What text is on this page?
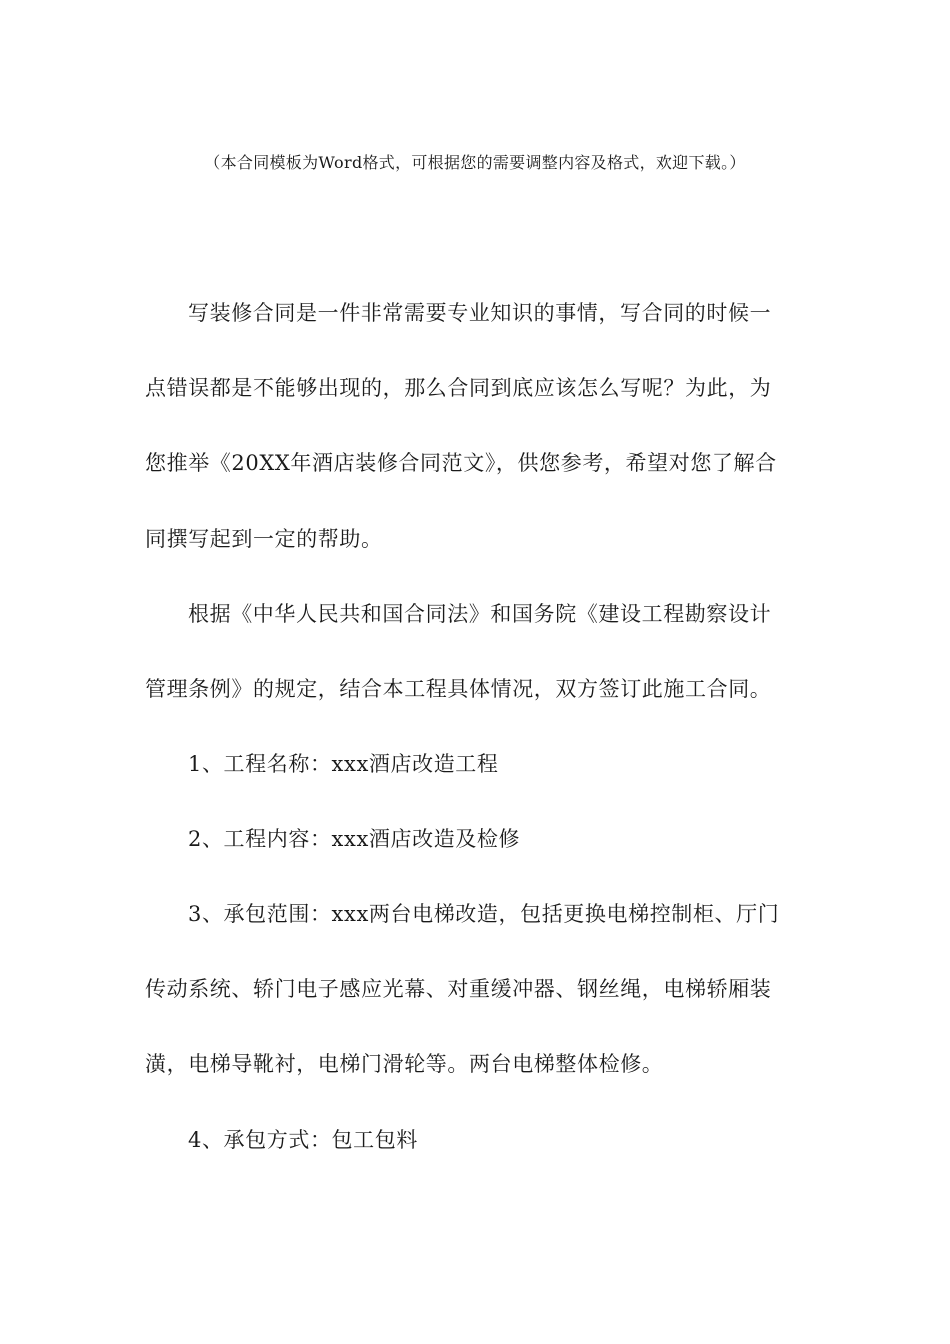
（本合同模板为Word格式，可根据您的需要调整内容及格式，欢迎下载。）
写装修合同是一件非常需要专业知识的事情，写合同的时候一
点错误都是不能够出现的，那么合同到底应该怎么写呢？为此，为
您推举《20XX年酒店装修合同范文》，供您参考，希望对您了解合
同撰写起到一定的帮助。
根据《中华人民共和国合同法》和国务院《建设工程勘察设计
管理条例》的规定，结合本工程具体情况，双方签订此施工合同。
1、工程名称：xxx酒店改造工程
2、工程内容：xxx酒店改造及检修
3、承包范围：xxx两台电梯改造，包括更换电梯控制柜、厅门
传动系统、轿门电子感应光幕、对重缓冲器、钢丝绳，电梯轿厢装
潢，电梯导靴衬，电梯门滑轮等。两台电梯整体检修。
4、承包方式：包工包料
